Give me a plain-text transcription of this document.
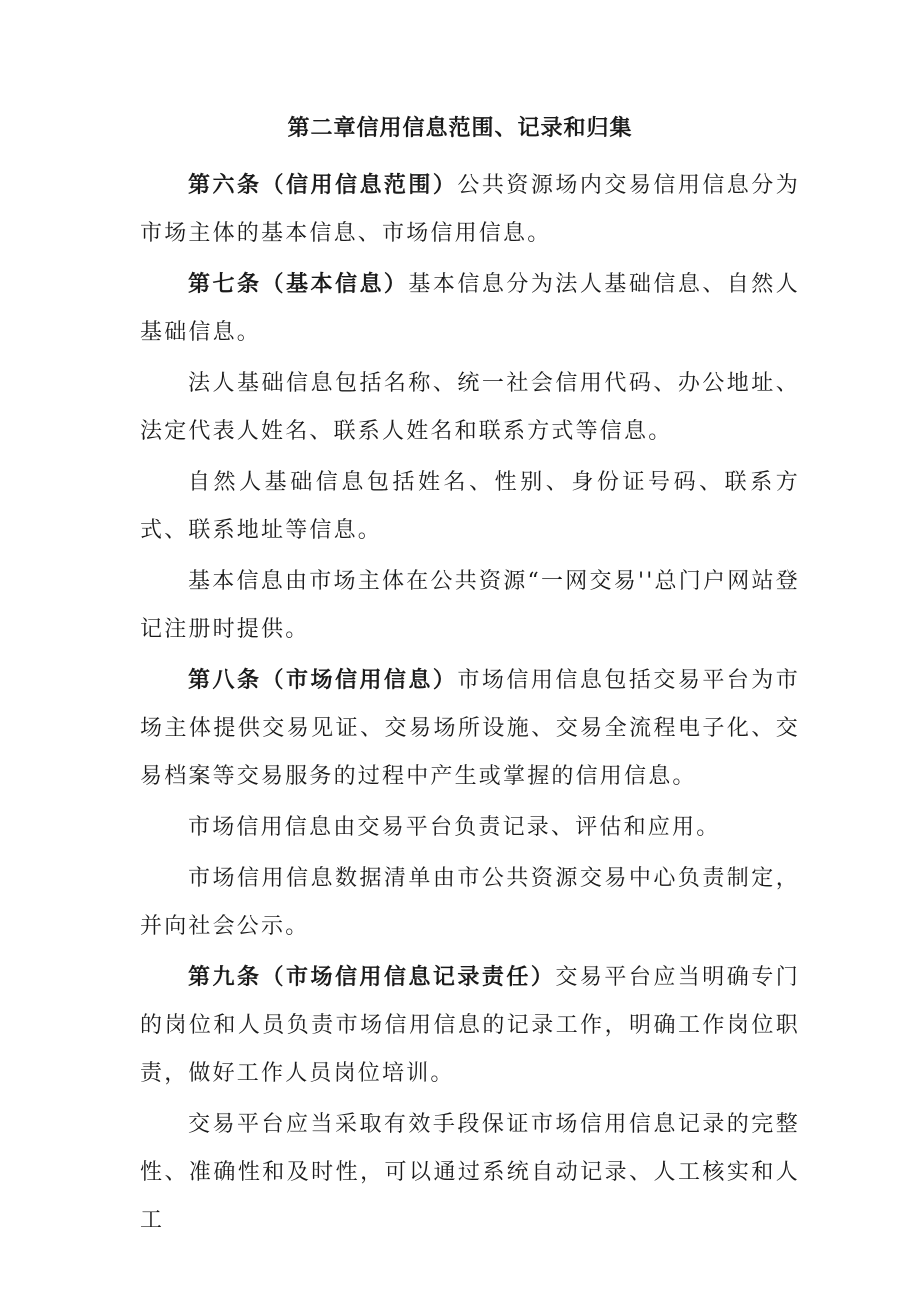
第二章信用信息范围、记录和归集

第六条（信用信息范围）公共资源场内交易信用信息分为市场主体的基本信息、市场信用信息。

第七条（基本信息）基本信息分为法人基础信息、自然人基础信息。

法人基础信息包括名称、统一社会信用代码、办公地址、法定代表人姓名、联系人姓名和联系方式等信息。

自然人基础信息包括姓名、性别、身份证号码、联系方式、联系地址等信息。

基本信息由市场主体在公共资源“一网交易''总门户网站登记注册时提供。

第八条（市场信用信息）市场信用信息包括交易平台为市场主体提供交易见证、交易场所设施、交易全流程电子化、交易档案等交易服务的过程中产生或掌握的信用信息。

市场信用信息由交易平台负责记录、评估和应用。

市场信用信息数据清单由市公共资源交易中心负责制定，并向社会公示。

第九条（市场信用信息记录责任）交易平台应当明确专门的岗位和人员负责市场信用信息的记录工作，明确工作岗位职责，做好工作人员岗位培训。

交易平台应当采取有效手段保证市场信用信息记录的完整性、准确性和及时性，可以通过系统自动记录、人工核实和人工
